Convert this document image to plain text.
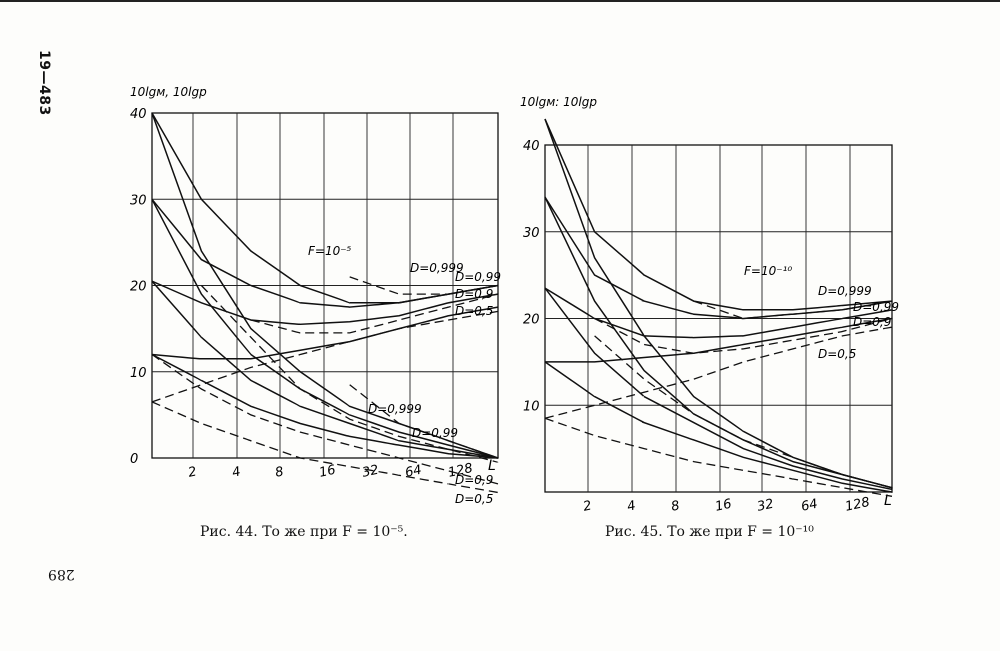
19—483
289
2	4 8	16 32 64 128
0
10
20
30
40
10lgм, 10lgp
L
F=10⁻⁵
D=0,999
D=0,99
D=0,9
D=0,5
D=0,999
D=0,99
D=0,9
D=0,5	2	4	8	16 32 64 128
10
20
30
40
10lgм: 10lgp
L
F=10⁻¹⁰
D=0,999
D=0,99
D=0,9
D=0,5
Рис. 44. То же при F = 10⁻⁵.	Рис. 45. То же при F = 10⁻¹⁰
